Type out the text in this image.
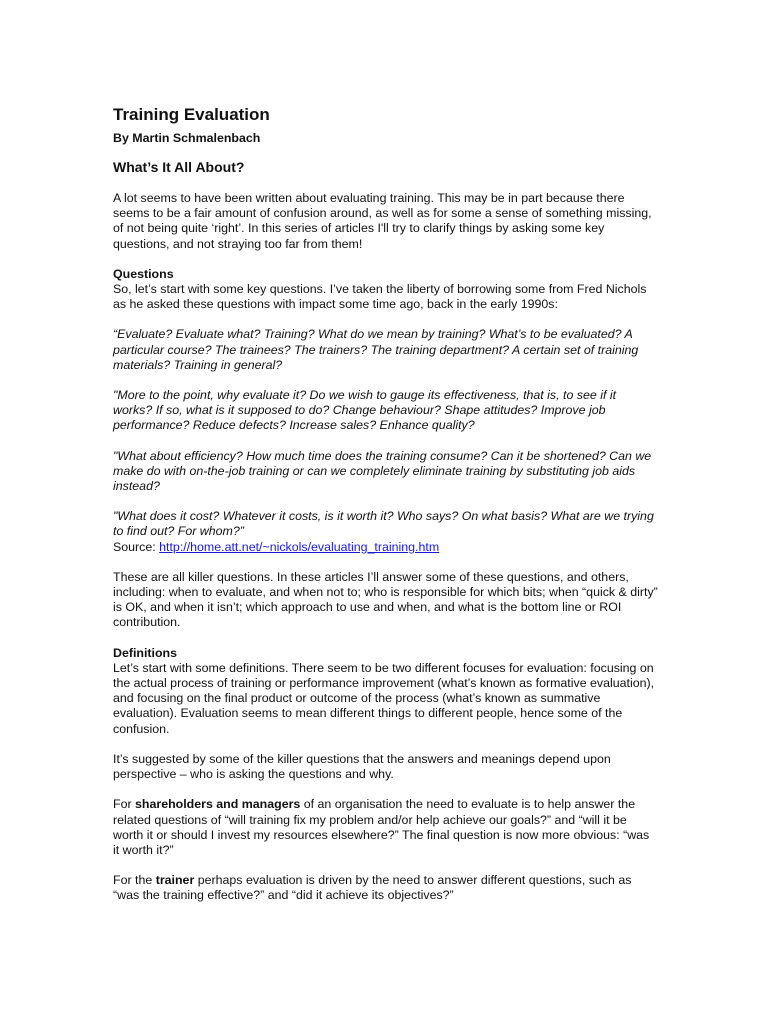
Training Evaluation
By Martin Schmalenbach
What’s It All About?

A lot seems to have been written about evaluating training. This may be in part because there seems to be a fair amount of confusion around, as well as for some a sense of something missing, of not being quite ‘right’. In this series of articles I'll try to clarify things by asking some key questions, and not straying too far from them!

Questions

So, let’s start with some key questions. I’ve taken the liberty of borrowing some from Fred Nichols as he asked these questions with impact some time ago, back in the early 1990s:

“Evaluate? Evaluate what? Training? What do we mean by training? What’s to be evaluated? A particular course? The trainees? The trainers? The training department? A certain set of training materials? Training in general?

"More to the point, why evaluate it? Do we wish to gauge its effectiveness, that is, to see if it works? If so, what is it supposed to do? Change behaviour? Shape attitudes? Improve job performance? Reduce defects? Increase sales? Enhance quality?

"What about efficiency? How much time does the training consume? Can it be shortened? Can we make do with on-the-job training or can we completely eliminate training by substituting job aids instead?

"What does it cost? Whatever it costs, is it worth it? Who says? On what basis? What are we trying to find out? For whom?”

Source: http://home.att.net/~nickols/evaluating_training.htm

These are all killer questions. In these articles I’ll answer some of these questions, and others, including: when to evaluate, and when not to; who is responsible for which bits; when “quick & dirty” is OK, and when it isn’t; which approach to use and when, and what is the bottom line or ROI contribution.

Definitions

Let’s start with some definitions. There seem to be two different focuses for evaluation: focusing on the actual process of training or performance improvement (what’s known as formative evaluation), and focusing on the final product or outcome of the process (what’s known as summative evaluation). Evaluation seems to mean different things to different people, hence some of the confusion.

It’s suggested by some of the killer questions that the answers and meanings depend upon perspective – who is asking the questions and why.

For shareholders and managers of an organisation the need to evaluate is to help answer the related questions of “will training fix my problem and/or help achieve our goals?” and “will it be worth it or should I invest my resources elsewhere?” The final question is now more obvious: “was it worth it?”

For the trainer perhaps evaluation is driven by the need to answer different questions, such as “was the training effective?” and “did it achieve its objectives?”
